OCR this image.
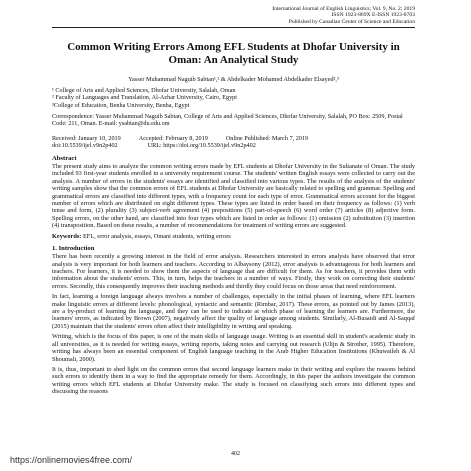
International Journal of English Linguistics; Vol. 9, No. 2; 2019
ISSN 1923-869X E-ISSN 1923-8703
Published by Canadian Center of Science and Education
Common Writing Errors Among EFL Students at Dhofar University in Oman: An Analytical Study
Yasser Muhammad Naguib Sabtan¹,² & Abdelkader Mohamed Abdelkader Elsayed²,³
¹ College of Arts and Applied Sciences, Dhofar University, Salalah, Oman
² Faculty of Languages and Translation, Al-Azhar University, Cairo, Egypt
³College of Education, Benha University, Benha, Egypt
Correspondence: Yasser Muhammad Naguib Sabtan, College of Arts and Applied Sciences, Dhofar University, Salalah, PO Box: 2509, Postal Code: 211, Oman. E-mail: ysabtan@du.edu.om
Received: January 10, 2019	Accepted: February 8, 2019	Online Published: March 7, 2019
doi:10.5539/ijel.v9n2p402	URL: https://doi.org/10.5539/ijel.v9n2p402
Abstract

The present study aims to analyze the common writing errors made by EFL students at Dhofar University in the Sultanate of Oman. The study included 93 first-year students enrolled in a university requirement course. The students' written English essays were collected to carry out the analysis. A number of errors in the students' essays are identified and classified into various types. The results of the analysis of the students' writing samples show that the common errors of EFL students at Dhofar University are basically related to spelling and grammar. Spelling and grammatical errors are classified into different types, with a frequency count for each type of error. Grammatical errors account for the biggest number of errors which are distributed on eight different types. These types are listed in order based on their frequency as follows: (1) verb tense and form, (2) plurality (3) subject-verb agreement (4) prepositions (5) part-of-speech (6) word order (7) articles (8) adjective form. Spelling errors, on the other hand, are classified into four types which are listed in order as follows: (1) omission (2) substitution (3) insertion (4) transposition. Based on these results, a number of recommendations for treatment of writing errors are suggested.

Keywords: EFL, error analysis, essays, Omani students, writing errors
1. Introduction

There has been recently a growing interest in the field of error analysis. Researchers interested in errors analysis have observed that error analysis is very important for both learners and teachers. According to Albaysony (2012), error analysis is advantageous for both learners and teachers. For learners, it is needed to show them the aspects of language that are difficult for them. As for teachers, it provides them with information about the students' errors. This, in turn, helps the teachers in a number of ways. Firstly, they work on correcting their students' errors. Secondly, this consequently improves their teaching methods and thirdly they could focus on those areas that need reinforcement.

In fact, learning a foreign language always involves a number of challenges, especially in the initial phases of learning, where EFL learners make linguistic errors at different levels: phonological, syntactic and semantic (Rimbar, 2017). These errors, as pointed out by James (2013), are a by-product of learning the language, and they can be used to indicate at which phase of learning the learners are. Furthermore, the learners' errors, as indicated by Brown (2007), negatively affect the quality of language among students. Similarly, Al-Busaidi and Al-Saqqaf (2015) maintain that the students' errors often affect their intelligibility in writing and speaking.

Writing, which is the focus of this paper, is one of the main skills of language usage. Writing is an essential skill in student's academic study in all universities, as it is needed for writing essays, writing reports, taking notes and carrying out research (Ulijn & Strother, 1995). Therefore, writing has always been an essential component of English language teaching in the Arab Higher Education Institutions (Khuwaileh & Al Shoumali, 2000).

It is, thus, important to shed light on the common errors that second language learners make in their writing and explore the reasons behind such errors to identify them in a way to find the appropriate remedy for them. Accordingly, in this paper the authors investigate the common writing errors which EFL students at Dhofar University make. The study is focused on classifying such errors into different types and discussing the reasons

402
https://onlinemovies4free.com/
